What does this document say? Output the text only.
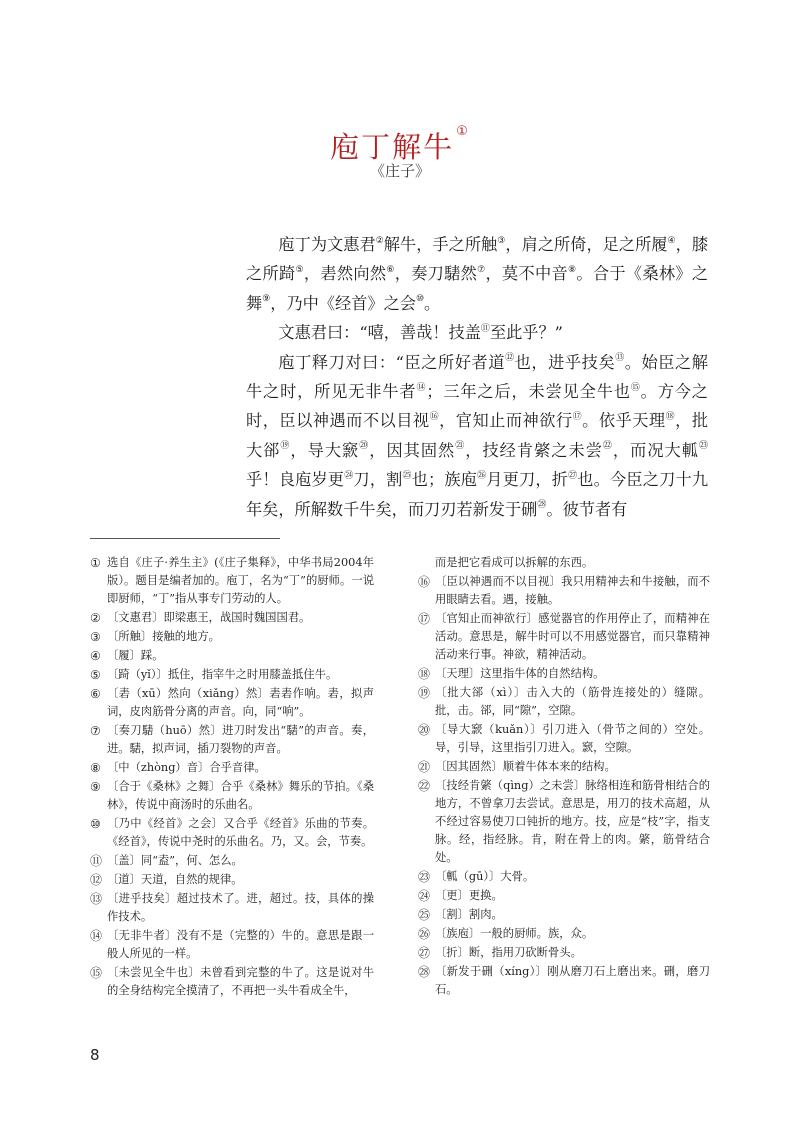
庖丁解牛 ①
《庄子》

庖丁为文惠君②解牛，手之所触③，肩之所倚，足之所履④，膝之所踦⑤，砉然向然⑥，奏刀騞然⑦，莫不中音⑧。合于《桑林》之舞⑨，乃中《经首》之会⑩。

文惠君曰：“嘻，善哉！技盖⑪至此乎？”

庖丁释刀对曰：“臣之所好者道⑫也，进乎技矣⑬。始臣之解牛之时，所见无非牛者⑭；三年之后，未尝见全牛也⑮。方今之时，臣以神遇而不以目视⑯，官知止而神欲行⑰。依乎天理⑱，批大郤⑲，导大窾⑳，因其固然$^㉑$，技经肯綮之未尝$^㉒$，而况大軱$^㉓$乎！良庖岁更$^㉔$刀，割$^㉕$也；族庖$^㉖$月更刀，折$^㉗$也。今臣之刀十九年矣，所解数千牛矣，而刀刃若新发于硎$^㉘$。彼节者有

① 选自《庄子·养生主》(《庄子集释》，中华书局2004年版）。题目是编者加的。庖丁，名为“丁”的厨师。一说即厨师，“丁”指从事专门劳动的人。
② 〔文惠君〕即梁惠王，战国时魏国国君。
③ 〔所触〕接触的地方。
④ 〔履〕踩。
⑤ 〔踦（yǐ）〕抵住，指宰牛之时用膝盖抵住牛。
⑥ 〔砉（xū）然向（xiǎng）然〕砉砉作响。砉，拟声词，皮肉筋骨分离的声音。向，同“响”。
⑦ 〔奏刀騞（huō）然〕进刀时发出“騞”的声音。奏，进。騞，拟声词，插刀裂物的声音。
⑧ 〔中（zhòng）音〕合乎音律。
⑨ 〔合于《桑林》之舞〕合乎《桑林》舞乐的节拍。《桑林》，传说中商汤时的乐曲名。
⑩ 〔乃中《经首》之会〕又合乎《经首》乐曲的节奏。《经首》，传说中尧时的乐曲名。乃，又。会，节奏。
⑪ 〔盖〕同“盍”，何、怎么。
⑫ 〔道〕天道，自然的规律。
⑬ 〔进乎技矣〕超过技术了。进，超过。技，具体的操作技术。
⑭ 〔无非牛者〕没有不是（完整的）牛的。意思是跟一般人所见的一样。
⑮ 〔未尝见全牛也〕未曾看到完整的牛了。这是说对牛的全身结构完全摸清了，不再把一头牛看成全牛，
而是把它看成可以拆解的东西。
⑯ 〔臣以神遇而不以目视〕我只用精神去和牛接触，而不用眼睛去看。遇，接触。
⑰ 〔官知止而神欲行〕感觉器官的作用停止了，而精神在活动。意思是，解牛时可以不用感觉器官，而只靠精神活动来行事。神欲，精神活动。
⑱ 〔天理〕这里指牛体的自然结构。
⑲ 〔批大郤（xì）〕击入大的（筋骨连接处的）缝隙。批，击。郤，同“隙”，空隙。
⑳ 〔导大窾（kuǎn）〕引刀进入（骨节之间的）空处。导，引导，这里指引刀进入。窾，空隙。
㉑ 〔因其固然〕顺着牛体本来的结构。
㉒ 〔技经肯綮（qìng）之未尝〕脉络相连和筋骨相结合的地方，不曾拿刀去尝试。意思是，用刀的技术高超，从不经过容易使刀口钝折的地方。技，应是“枝”字，指支脉。经，指经脉。肯，附在骨上的肉。綮，筋骨结合处。
㉓ 〔軱（gū）〕大骨。
㉔ 〔更〕更换。
㉕ 〔割〕割肉。
㉖ 〔族庖〕一般的厨师。族，众。
㉗ 〔折〕断，指用刀砍断骨头。
㉘ 〔新发于硎（xíng）〕刚从磨刀石上磨出来。硎，磨刀石。
8
